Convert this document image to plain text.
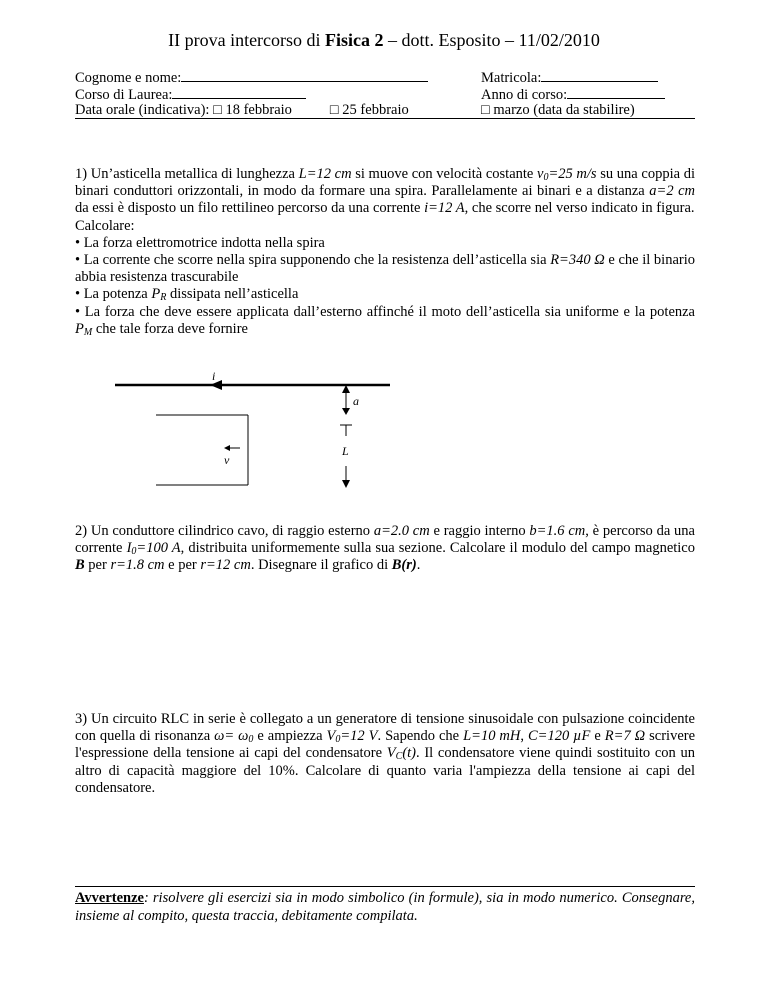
II prova intercorso di Fisica 2 – dott. Esposito – 11/02/2010
Cognome e nome:
Corso di Laurea:
Data orale (indicativa): □ 18 febbraio	□ 25 febbraio
Matricola:
Anno di corso:
□ marzo (data da stabilire)

1) Un’asticella metallica di lunghezza L=12 cm si muove con velocità costante $v_0=25$ m/s su una coppia di binari conduttori orizzontali, in modo da formare una spira. Parallelamente ai binari e a distanza a=2 cm da essi è disposto un filo rettilineo percorso da una corrente i=12 A, che scorre nel verso indicato in figura.

Calcolare:

• La forza elettromotrice indotta nella spira

• La corrente che scorre nella spira supponendo che la resistenza dell’asticella sia R=340 Ω e che il binario abbia resistenza trascurabile

• La potenza $P_R$ dissipata nell’asticella

• La forza che deve essere applicata dall’esterno affinché il moto dell’asticella sia uniforme e la potenza $P_M$ che tale forza deve fornire

i
v
a
L

2) Un conduttore cilindrico cavo, di raggio esterno a=2.0 cm e raggio interno b=1.6 cm, è percorso da una corrente $I_0=100$ A, distribuita uniformemente sulla sua sezione. Calcolare il modulo del campo magnetico B per r=1.8 cm e per r=12 cm. Disegnare il grafico di B(r).

3) Un circuito RLC in serie è collegato a un generatore di tensione sinusoidale con pulsazione coincidente con quella di risonanza $\omega= \omega_0$ e ampiezza $V_0=12$ V. Sapendo che L=10 mH, C=120 µF e R=7 Ω scrivere l'espressione della tensione ai capi del condensatore $V_C(t)$. Il condensatore viene quindi sostituito con un altro di capacità maggiore del 10%. Calcolare di quanto varia l'ampiezza della tensione ai capi del condensatore.

Avvertenze: risolvere gli esercizi sia in modo simbolico (in formule), sia in modo numerico. Consegnare, insieme al compito, questa traccia, debitamente compilata.
